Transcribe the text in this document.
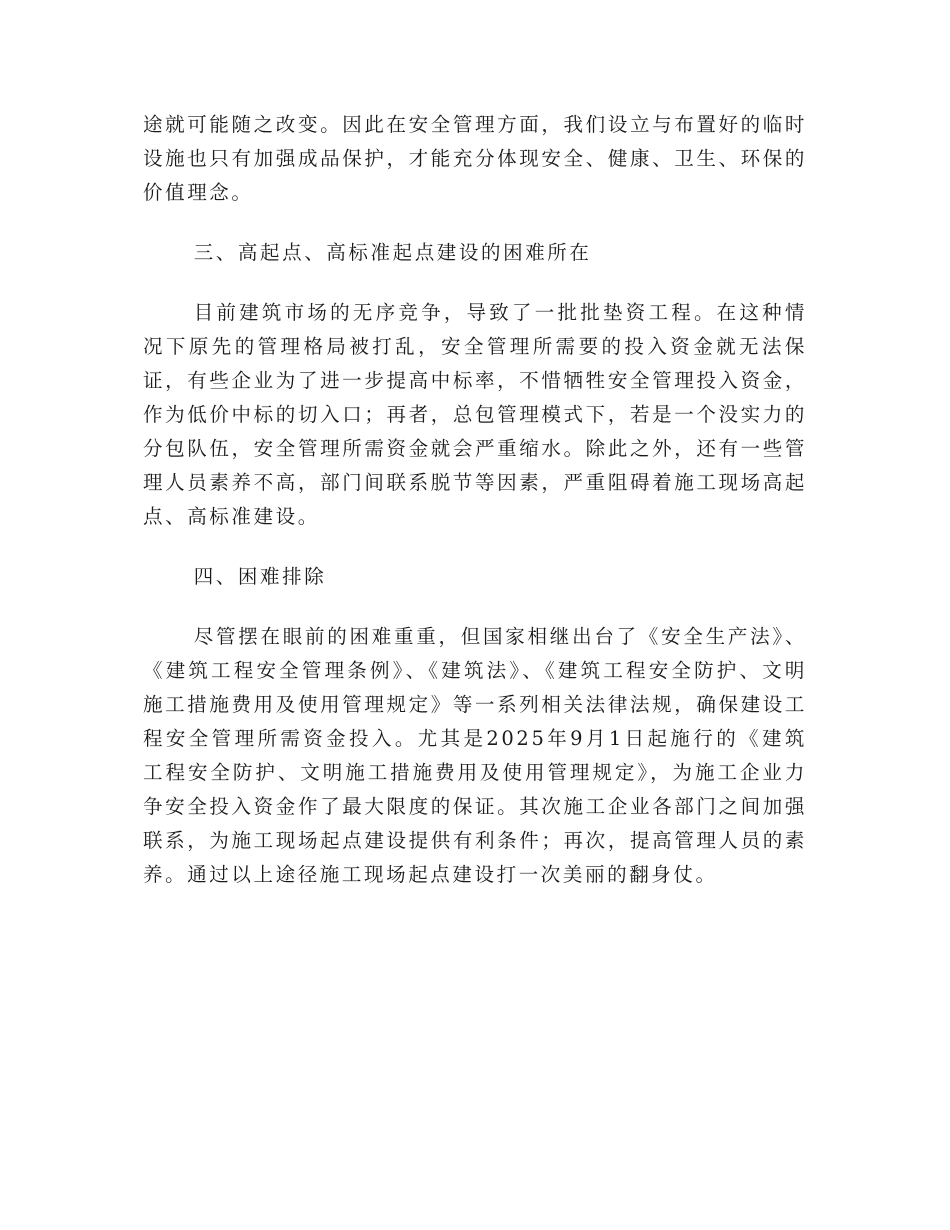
途就可能随之改变。因此在安全管理方面，我们设立与布置好的临时设施也只有加强成品保护，才能充分体现安全、健康、卫生、环保的价值理念。

三、高起点、高标准起点建设的困难所在

目前建筑市场的无序竞争，导致了一批批垫资工程。在这种情况下原先的管理格局被打乱，安全管理所需要的投入资金就无法保证，有些企业为了进一步提高中标率，不惜牺牲安全管理投入资金，作为低价中标的切入口；再者，总包管理模式下，若是一个没实力的分包队伍，安全管理所需资金就会严重缩水。除此之外，还有一些管理人员素养不高，部门间联系脱节等因素，严重阻碍着施工现场高起点、高标准建设。

四、困难排除

尽管摆在眼前的困难重重，但国家相继出台了《安全生产法》、《建筑工程安全管理条例》、《建筑法》、《建筑工程安全防护、文明施工措施费用及使用管理规定》等一系列相关法律法规，确保建设工程安全管理所需资金投入。尤其是2025年9月1日起施行的《建筑工程安全防护、文明施工措施费用及使用管理规定》，为施工企业力争安全投入资金作了最大限度的保证。其次施工企业各部门之间加强联系，为施工现场起点建设提供有利条件；再次，提高管理人员的素养。通过以上途径施工现场起点建设打一次美丽的翻身仗。
